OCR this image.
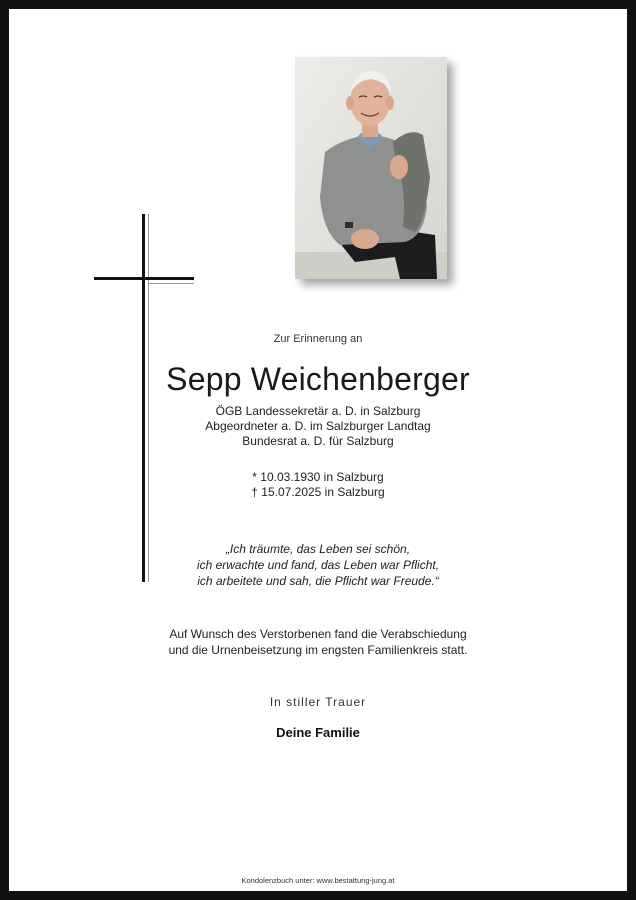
Zur Erinnerung an
Sepp Weichenberger
ÖGB Landessekretär a. D. in Salzburg
Abgeordneter a. D. im Salzburger Landtag
Bundesrat a. D. für Salzburg
* 10.03.1930 in Salzburg
† 15.07.2025 in Salzburg
„Ich träumte, das Leben sei schön,
ich erwachte und fand, das Leben war Pflicht,
ich arbeitete und sah, die Pflicht war Freude.“
Auf Wunsch des Verstorbenen fand die Verabschiedung
und die Urnenbeisetzung im engsten Familienkreis statt.
In stiller Trauer
Deine Familie
Kondolenzbuch unter: www.bestattung-jung.at
